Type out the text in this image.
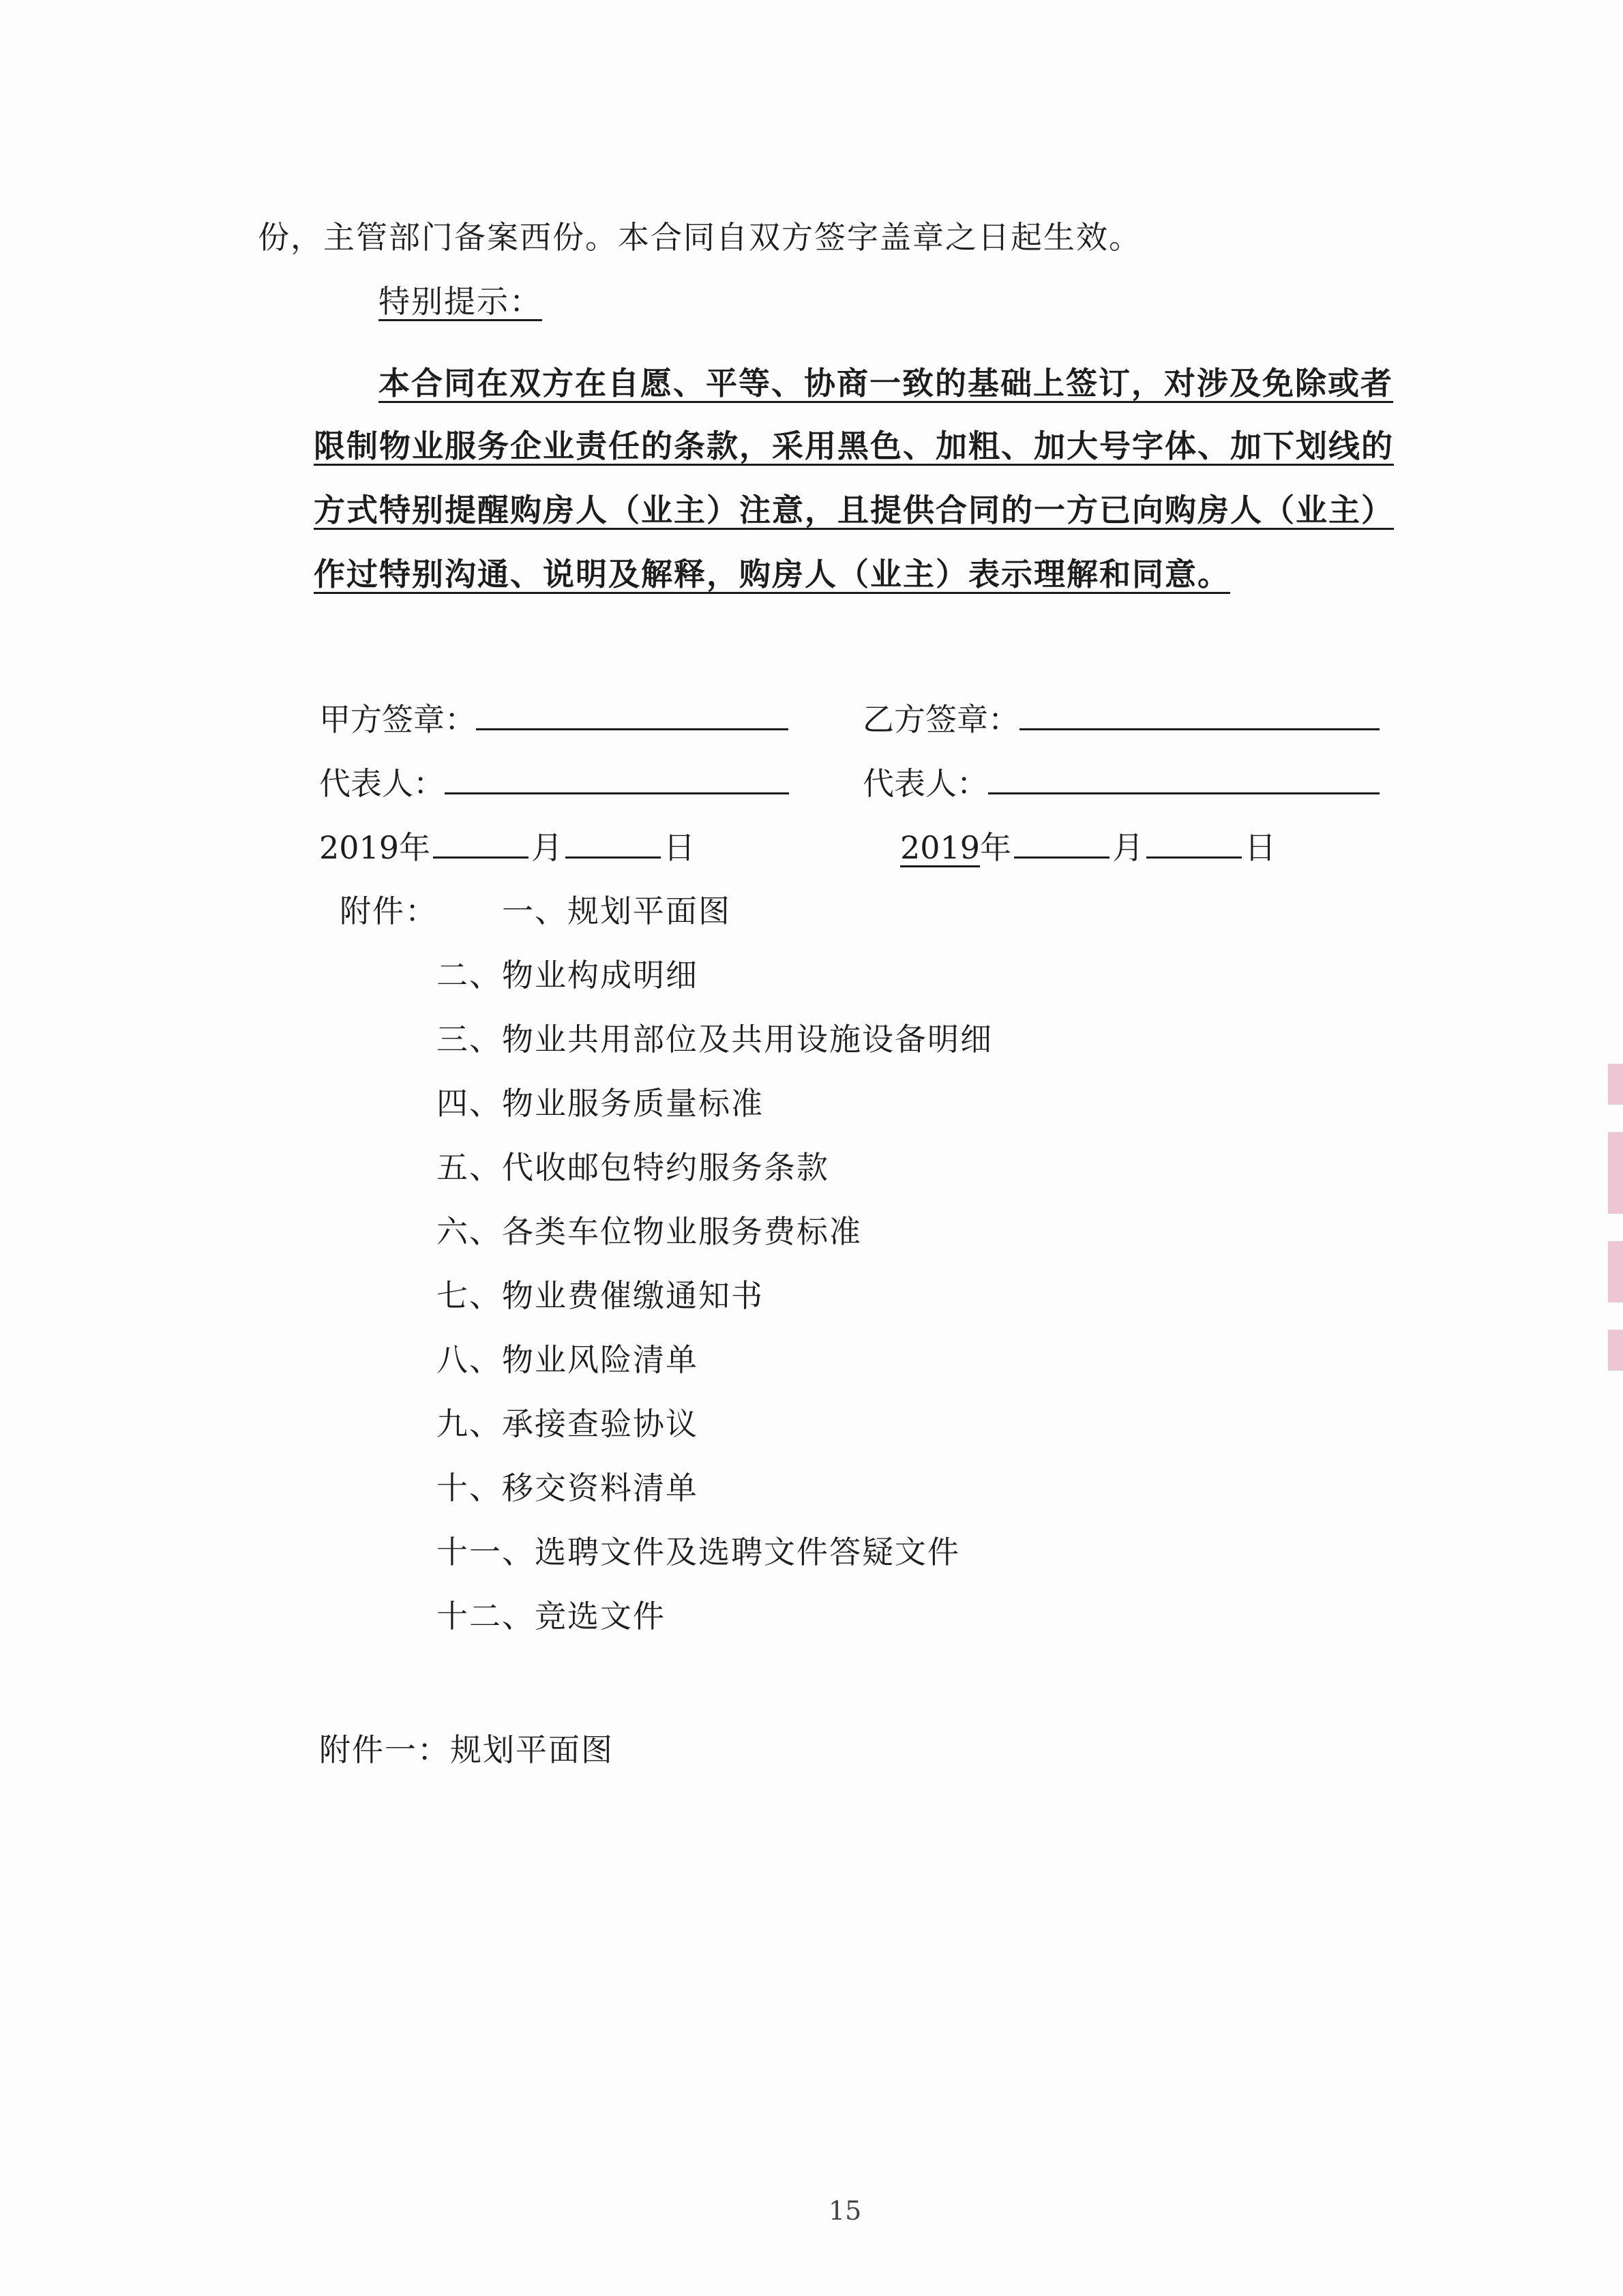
份，主管部门备案西份。本合同自双方签字盖章之日起生效。
特别提示：
本合同在双方在自愿、平等、协商一致的基础上签订，对涉及免除或者
限制物业服务企业责任的条款，采用黑色、加粗、加大号字体、加下划线的
方式特别提醒购房人（业主）注意，且提供合同的一方已向购房人（业主）
作过特别沟通、说明及解释，购房人（业主）表示理解和同意。
甲方签章：	乙方签章：
代表人：	代表人：
2019年	月	日	2019年	月	日
附件： 一、规划平面图
二、物业构成明细
三、物业共用部位及共用设施设备明细
四、物业服务质量标准
五、代收邮包特约服务条款
六、各类车位物业服务费标准
七、物业费催缴通知书
八、物业风险清单
九、承接查验协议
十、移交资料清单
十一、选聘文件及选聘文件答疑文件
十二、竞选文件
附件一：规划平面图
15
